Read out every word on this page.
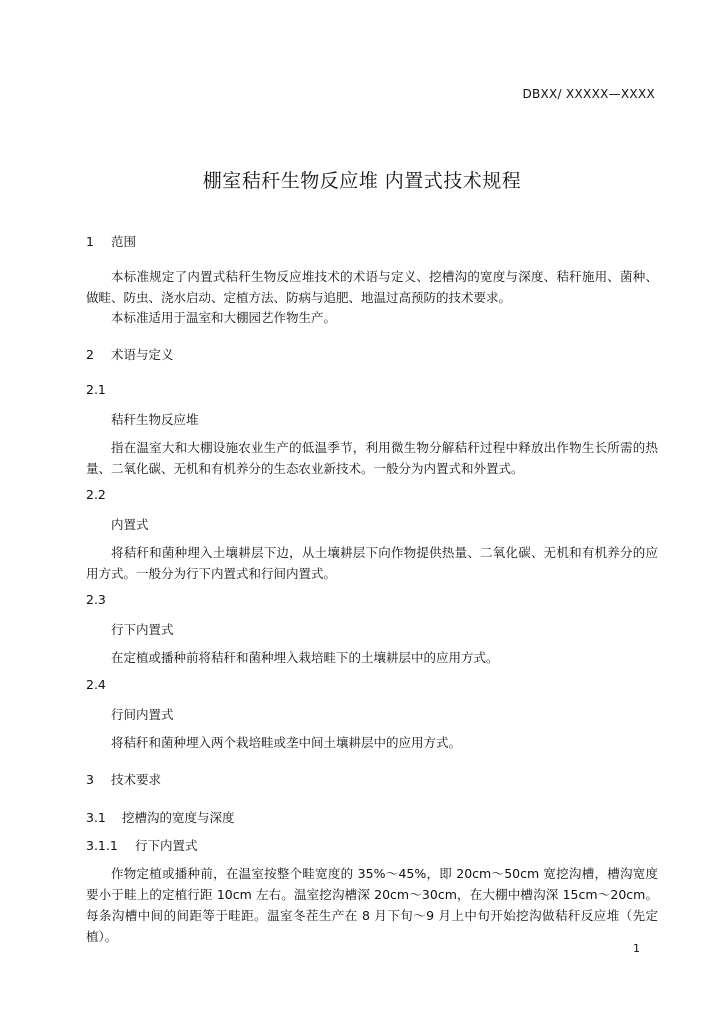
DBXX/ XXXXX—XXXX
棚室秸秆生物反应堆 内置式技术规程
1 范围
本标准规定了内置式秸秆生物反应堆技术的术语与定义、挖槽沟的宽度与深度、秸秆施用、菌种、做畦、防虫、浇水启动、定植方法、防病与追肥、地温过高预防的技术要求。
本标准适用于温室和大棚园艺作物生产。
2 术语与定义
2.1
秸秆生物反应堆
指在温室大和大棚设施农业生产的低温季节，利用微生物分解秸秆过程中释放出作物生长所需的热量、二氧化碳、无机和有机养分的生态农业新技术。一般分为内置式和外置式。
2.2
内置式
将秸秆和菌种埋入土壤耕层下边，从土壤耕层下向作物提供热量、二氧化碳、无机和有机养分的应用方式。一般分为行下内置式和行间内置式。
2.3
行下内置式
在定植或播种前将秸秆和菌种埋入栽培畦下的土壤耕层中的应用方式。
2.4
行间内置式
将秸秆和菌种埋入两个栽培畦或垄中间土壤耕层中的应用方式。
3 技术要求
3.1 挖槽沟的宽度与深度
3.1.1 行下内置式
作物定植或播种前，在温室按整个畦宽度的 35%～45%，即 20cm～50cm 宽挖沟槽，槽沟宽度要小于畦上的定植行距 10cm 左右。温室挖沟槽深 20cm～30cm，在大棚中槽沟深 15cm～20cm。每条沟槽中间的间距等于畦距。温室冬茬生产在 8 月下旬～9 月上中旬开始挖沟做秸秆反应堆（先定植）。
1
